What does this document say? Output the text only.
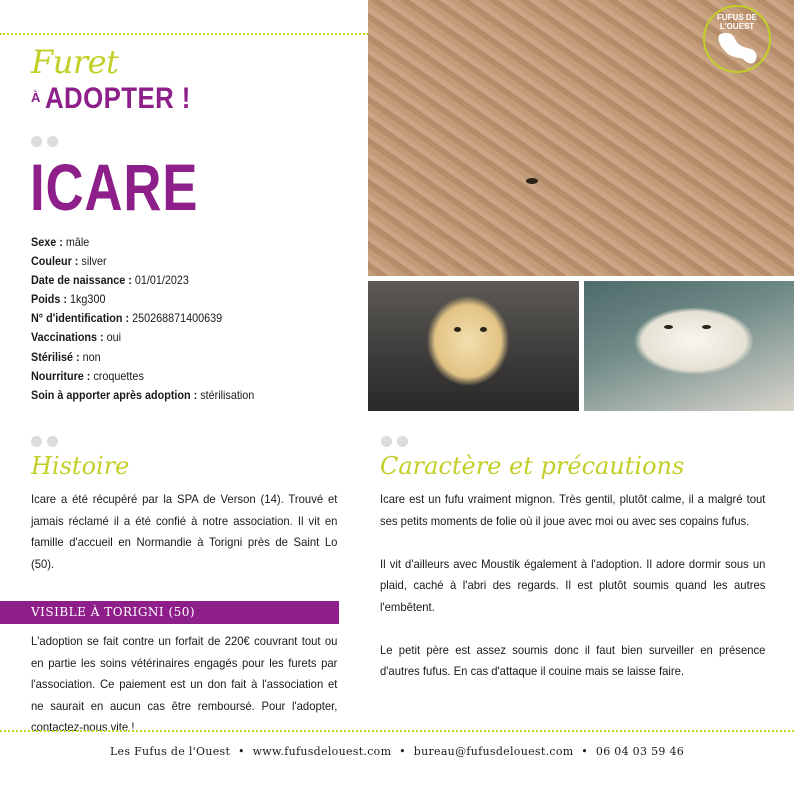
Furet
À ADOPTER !
ICARE
Sexe : mâle
Couleur : silver
Date de naissance : 01/01/2023
Poids : 1kg300
N° d'identification : 250268871400639
Vaccinations : oui
Stérilisé : non
Nourriture : croquettes
Soin à apporter après adoption : stérilisation
FUFUS DE
L'OUEST
Histoire	Caractère et précautions
Icare a été récupéré par la SPA de Verson (14). Trouvé et jamais réclamé il a été confié à notre association. Il vit en famille d'accueil en Normandie à Torigni près de Saint Lo (50).

Icare est un fufu vraiment mignon. Très gentil, plutôt calme, il a malgré tout ses petits moments de folie où il joue avec moi ou avec ses copains fufus.

Il vit d'ailleurs avec Moustik également à l'adoption. Il adore dormir sous un plaid, caché à l'abri des regards. Il est plutôt soumis quand les autres l'embêtent.

Le petit père est assez soumis donc il faut bien surveiller en présence d'autres fufus. En cas d'attaque il couine mais se laisse faire.

VISIBLE À TORIGNI (50)
L'adoption se fait contre un forfait de 220€ couvrant tout ou en partie les soins vétérinaires engagés pour les furets par l'association. Ce paiement est un don fait à l'association et ne saurait en aucun cas être remboursé. Pour l'adopter, contactez-nous vite !
Les Fufus de l'Ouest • www.fufusdelouest.com • bureau@fufusdelouest.com • 06 04 03 59 46
